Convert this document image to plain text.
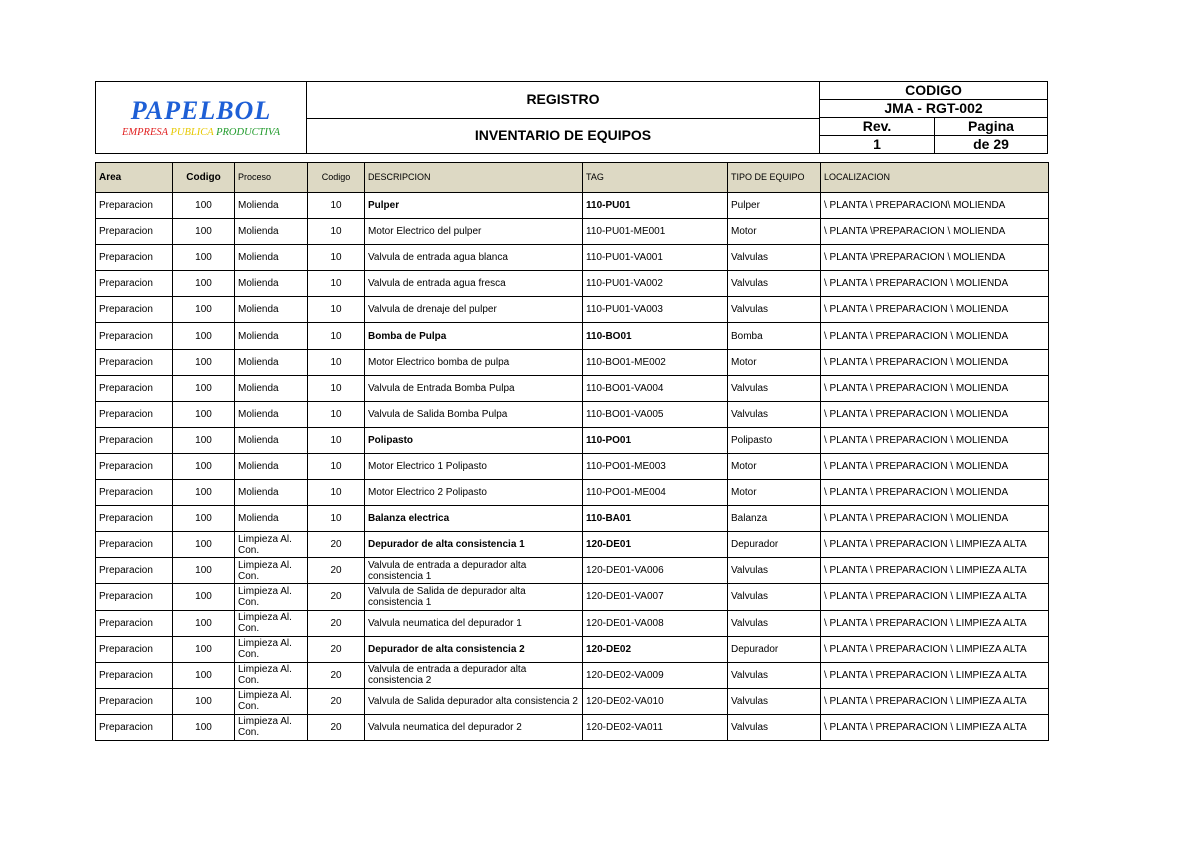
PAPELBOL
EMPRESA PUBLICA PRODUCTIVA
REGISTRO
INVENTARIO DE EQUIPOS
CODIGO
JMA - RGT-002
Rev.	Pagina
1	de 29
Area	Codigo	Proceso	Codigo	DESCRIPCION	TAG	TIPO DE EQUIPO	LOCALIZACION
Preparacion	100	Molienda	10	Pulper	110-PU01	Pulper	\ PLANTA \ PREPARACION\ MOLIENDA
Preparacion	100	Molienda	10	Motor Electrico del pulper	110-PU01-ME001	Motor	\ PLANTA \PREPARACION \ MOLIENDA
Preparacion	100	Molienda	10	Valvula de entrada agua blanca	110-PU01-VA001	Valvulas	\ PLANTA \PREPARACION \ MOLIENDA
Preparacion	100	Molienda	10	Valvula de entrada agua fresca	110-PU01-VA002	Valvulas	\ PLANTA \ PREPARACION \ MOLIENDA
Preparacion	100	Molienda	10	Valvula de drenaje del pulper	110-PU01-VA003	Valvulas	\ PLANTA \ PREPARACION \ MOLIENDA
Preparacion	100	Molienda	10	Bomba de Pulpa	110-BO01	Bomba	\ PLANTA \ PREPARACION \ MOLIENDA
Preparacion	100	Molienda	10	Motor Electrico bomba de pulpa	110-BO01-ME002	Motor	\ PLANTA \ PREPARACION \ MOLIENDA
Preparacion	100	Molienda	10	Valvula de Entrada Bomba Pulpa	110-BO01-VA004	Valvulas	\ PLANTA \ PREPARACION \ MOLIENDA
Preparacion	100	Molienda	10	Valvula de Salida Bomba Pulpa	110-BO01-VA005	Valvulas	\ PLANTA \ PREPARACION \ MOLIENDA
Preparacion	100	Molienda	10	Polipasto	110-PO01	Polipasto	\ PLANTA \ PREPARACION \ MOLIENDA
Preparacion	100	Molienda	10	Motor Electrico 1 Polipasto	110-PO01-ME003	Motor	\ PLANTA \ PREPARACION \ MOLIENDA
Preparacion	100	Molienda	10	Motor Electrico 2 Polipasto	110-PO01-ME004	Motor	\ PLANTA \ PREPARACION \ MOLIENDA
Preparacion	100	Molienda	10	Balanza electrica	110-BA01	Balanza	\ PLANTA \ PREPARACION \ MOLIENDA
Preparacion	100	Limpieza Al. Con.	20	Depurador de alta consistencia 1	120-DE01	Depurador	\ PLANTA \ PREPARACION \ LIMPIEZA ALTA
Preparacion	100	Limpieza Al. Con.	20	Valvula de entrada a depurador alta consistencia 1	120-DE01-VA006	Valvulas	\ PLANTA \ PREPARACION \ LIMPIEZA ALTA
Preparacion	100	Limpieza Al. Con.	20	Valvula de Salida de depurador alta consistencia 1	120-DE01-VA007	Valvulas	\ PLANTA \ PREPARACION \ LIMPIEZA ALTA
Preparacion	100	Limpieza Al. Con.	20	Valvula neumatica del depurador 1	120-DE01-VA008	Valvulas	\ PLANTA \ PREPARACION \ LIMPIEZA ALTA
Preparacion	100	Limpieza Al. Con.	20	Depurador de alta consistencia 2	120-DE02	Depurador	\ PLANTA \ PREPARACION \ LIMPIEZA ALTA
Preparacion	100	Limpieza Al. Con.	20	Valvula de entrada a depurador alta consistencia 2	120-DE02-VA009	Valvulas	\ PLANTA \ PREPARACION \ LIMPIEZA ALTA
Preparacion	100	Limpieza Al. Con.	20	Valvula de Salida depurador alta consistencia 2	120-DE02-VA010	Valvulas	\ PLANTA \ PREPARACION \ LIMPIEZA ALTA
Preparacion	100	Limpieza Al. Con.	20	Valvula neumatica del depurador 2	120-DE02-VA011	Valvulas	\ PLANTA \ PREPARACION \ LIMPIEZA ALTA
